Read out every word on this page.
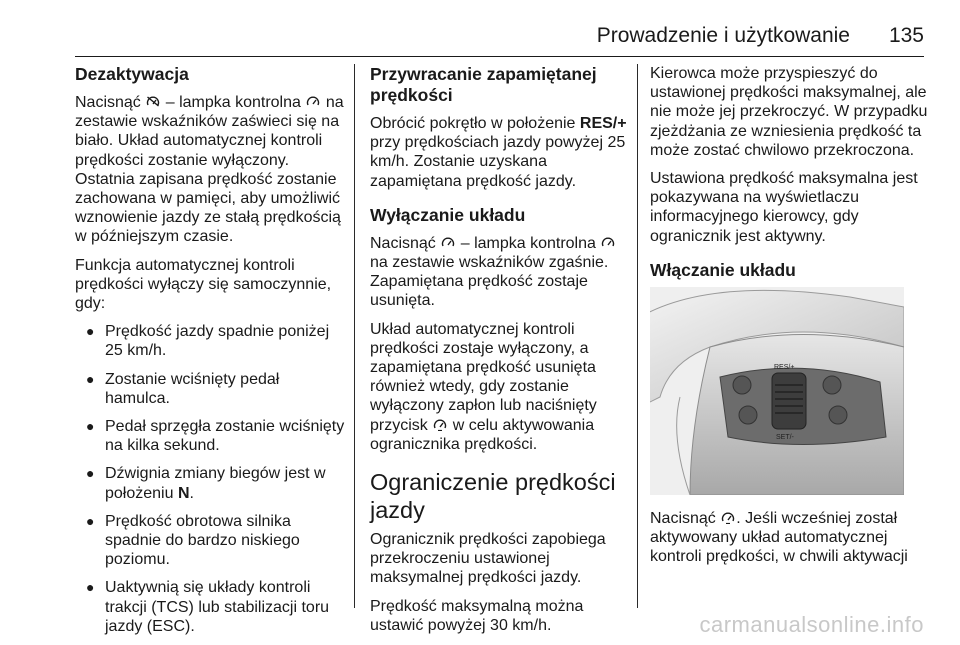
Prowadzenie i użytkowanie 135
Dezaktywacja

Nacisnąć
– lampka kontrolna
na zestawie wskaźników zaświeci się na biało. Układ automatycznej kontroli prędkości zostanie wyłączony. Ostatnia zapisana prędkość zostanie zachowana w pamięci, aby umożliwić wznowienie jazdy ze stałą prędkością w późniejszym czasie.

Funkcja automatycznej kontroli prędkości wyłączy się samoczynnie, gdy:

● Prędkość jazdy spadnie poniżej 25 km/h.
● Zostanie wciśnięty pedał hamulca.
● Pedał sprzęgła zostanie wciśnięty na kilka sekund.
● Dźwignia zmiany biegów jest w położeniu N.
● Prędkość obrotowa silnika spadnie do bardzo niskiego poziomu.
● Uaktywnią się układy kontroli trakcji (TCS) lub stabilizacji toru jazdy (ESC).
Przywracanie zapamiętanej prędkości

Obrócić pokrętło w położenie RES/+ przy prędkościach jazdy powyżej 25 km/h. Zostanie uzyskana zapamiętana prędkość jazdy.

Wyłączanie układu

Nacisnąć
– lampka kontrolna
na zestawie wskaźników zgaśnie. Zapamiętana prędkość zostaje usunięta.

Układ automatycznej kontroli prędkości zostaje wyłączony, a zapamiętana prędkość usunięta również wtedy, gdy zostanie wyłączony zapłon lub naciśnięty przycisk
w celu aktywowania ogranicznika prędkości.

Ograniczenie prędkości jazdy

Ogranicznik prędkości zapobiega przekroczeniu ustawionej maksymalnej prędkości jazdy.

Prędkość maksymalną można ustawić powyżej 30 km/h.

Kierowca może przyspieszyć do ustawionej prędkości maksymalnej, ale nie może jej przekroczyć. W przypadku zjeżdżania ze wzniesienia prędkość ta może zostać chwilowo przekroczona.

Ustawiona prędkość maksymalna jest pokazywana na wyświetlaczu informacyjnego kierowcy, gdy ogranicznik jest aktywny.

Włączanie układu
RES/+
SET/-

Nacisnąć . Jeśli wcześniej został aktywowany układ automatycznej kontroli prędkości, w chwili aktywacji

carmanualsonline.info
